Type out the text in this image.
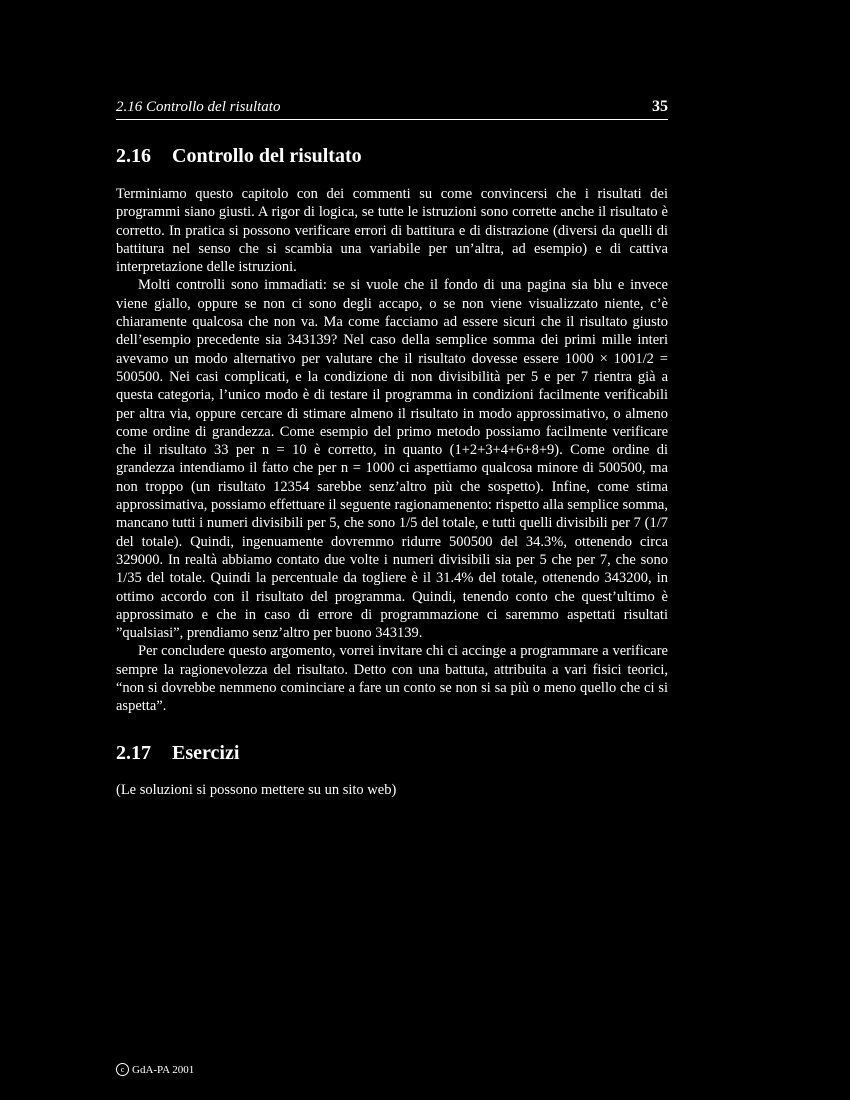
2.16 Controllo del risultato	35
2.16 Controllo del risultato

Terminiamo questo capitolo con dei commenti su come convincersi che i risultati dei programmi siano giusti. A rigor di logica, se tutte le istruzioni sono corrette anche il risultato è corretto. In pratica si possono verificare errori di battitura e di distrazione (diversi da quelli di battitura nel senso che si scambia una variabile per un’altra, ad esempio) e di cattiva interpretazione delle istruzioni.

Molti controlli sono immadiati: se si vuole che il fondo di una pagina sia blu e invece viene giallo, oppure se non ci sono degli accapo, o se non viene visualizzato niente, c’è chiaramente qualcosa che non va. Ma come facciamo ad essere sicuri che il risultato giusto dell’esempio precedente sia 343139? Nel caso della semplice somma dei primi mille interi avevamo un modo alternativo per valutare che il risultato dovesse essere 1000 × 1001/2 = 500500. Nei casi complicati, e la condizione di non divisibilità per 5 e per 7 rientra già a questa categoria, l’unico modo è di testare il programma in condizioni facilmente verificabili per altra via, oppure cercare di stimare almeno il risultato in modo approssimativo, o almeno come ordine di grandezza. Come esempio del primo metodo possiamo facilmente verificare che il risultato 33 per n = 10 è corretto, in quanto (1+2+3+4+6+8+9). Come ordine di grandezza intendiamo il fatto che per n = 1000 ci aspettiamo qualcosa minore di 500500, ma non troppo (un risultato 12354 sarebbe senz’altro più che sospetto). Infine, come stima approssimativa, possiamo effettuare il seguente ragionamenento: rispetto alla semplice somma, mancano tutti i numeri divisibili per 5, che sono 1/5 del totale, e tutti quelli divisibili per 7 (1/7 del totale). Quindi, ingenuamente dovremmo ridurre 500500 del 34.3%, ottenendo circa 329000. In realtà abbiamo contato due volte i numeri divisibili sia per 5 che per 7, che sono 1/35 del totale. Quindi la percentuale da togliere è il 31.4% del totale, ottenendo 343200, in ottimo accordo con il risultato del programma. Quindi, tenendo conto che quest’ultimo è approssimato e che in caso di errore di programmazione ci saremmo aspettati risultati ”qualsiasi”, prendiamo senz’altro per buono 343139.

Per concludere questo argomento, vorrei invitare chi ci accinge a programmare a verificare sempre la ragionevolezza del risultato. Detto con una battuta, attribuita a vari fisici teorici, “non si dovrebbe nemmeno cominciare a fare un conto se non si sa più o meno quello che ci si aspetta”.

2.17 Esercizi
(Le soluzioni si possono mettere su un sito web)
c GdA-PA 2001
